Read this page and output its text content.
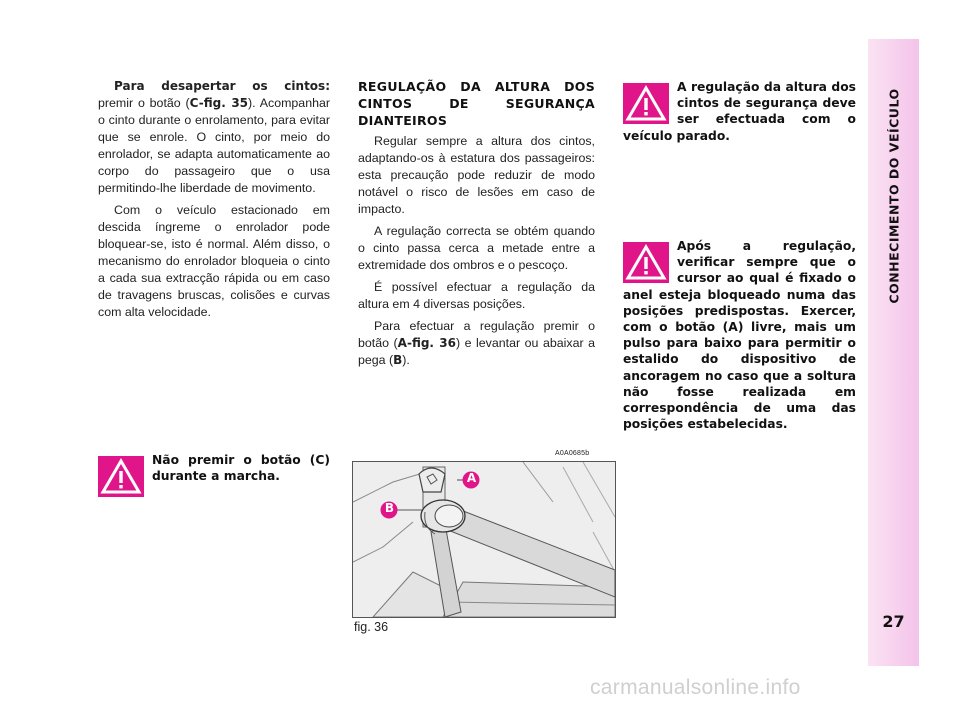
CONHECIMENTO DO VEÍCULO
27

Para desapertar os cintos: premir o botão (C-fig. 35). Acompanhar o cinto durante o enrolamento, para evitar que se enrole. O cinto, por meio do enrolador, se adapta automaticamente ao corpo do passageiro que o usa permitindo-lhe liberdade de movimento.

Com o veículo estacionado em descida íngreme o enrolador pode bloquear-se, isto é normal. Além disso, o mecanismo do enrolador bloqueia o cinto a cada sua extracção rápida ou em caso de travagens bruscas, colisões e curvas com alta velocidade.

REGULAÇÃO DA ALTURA DOS CINTOS DE SEGURANÇA DIANTEIROS

Regular sempre a altura dos cintos, adaptando-os à estatura dos passageiros: esta precaução pode reduzir de modo notável o risco de lesões em caso de impacto.

A regulação correcta se obtém quando o cinto passa cerca a metade entre a extremidade dos ombros e o pescoço.

É possível efectuar a regulação da altura em 4 diversas posições.

Para efectuar a regulação premir o botão (A-fig. 36) e levantar ou abaixar a pega (B).

A regulação da altura dos cintos de segurança deve ser efectuada com o veículo parado.
Após a regulação, verificar sempre que o cursor ao qual é fixado o anel esteja bloqueado numa das posições predispostas. Exercer, com o botão (A) livre, mais um pulso para baixo para permitir o estalido do dispositivo de ancoragem no caso que a soltura não fosse realizada em correspondência de uma das posições estabelecidas.
Não premir o botão (C) durante a marcha.
A0A0685b
A
B
fig. 36
carmanualsonline.info
